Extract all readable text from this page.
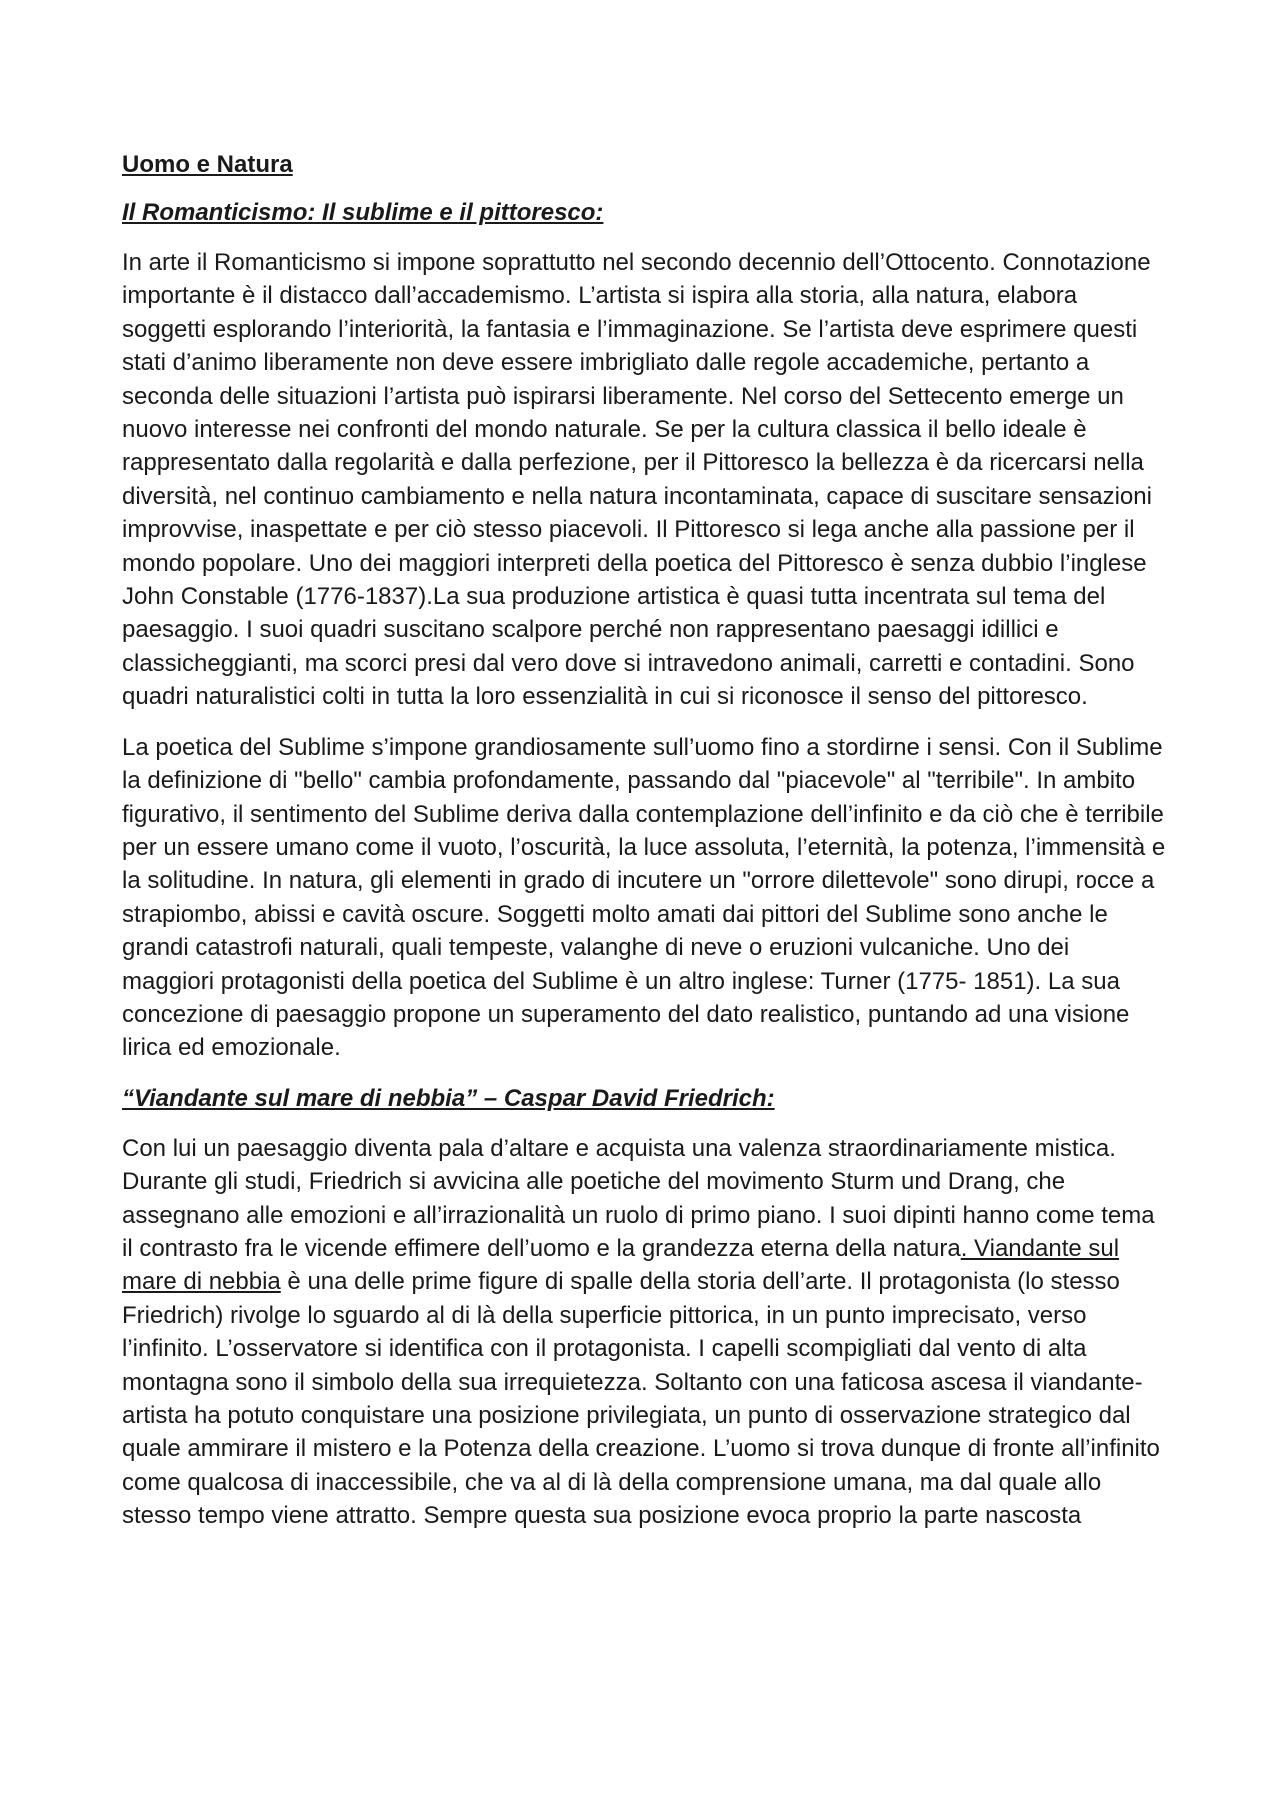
Uomo e Natura
Il Romanticismo: Il sublime e il pittoresco:

In arte il Romanticismo si impone soprattutto nel secondo decennio dell’Ottocento. Connotazione importante è il distacco dall’accademismo. L’artista si ispira alla storia, alla natura, elabora soggetti esplorando l’interiorità, la fantasia e l’immaginazione. Se l’artista deve esprimere questi stati d’animo liberamente non deve essere imbrigliato dalle regole accademiche, pertanto a seconda delle situazioni l’artista può ispirarsi liberamente. Nel corso del Settecento emerge un nuovo interesse nei confronti del mondo naturale. Se per la cultura classica il bello ideale è rappresentato dalla regolarità e dalla perfezione, per il Pittoresco la bellezza è da ricercarsi nella diversità, nel continuo cambiamento e nella natura incontaminata, capace di suscitare sensazioni improvvise, inaspettate e per ciò stesso piacevoli. Il Pittoresco si lega anche alla passione per il mondo popolare. Uno dei maggiori interpreti della poetica del Pittoresco è senza dubbio l’inglese John Constable (1776-1837).La sua produzione artistica è quasi tutta incentrata sul tema del paesaggio. I suoi quadri suscitano scalpore perché non rappresentano paesaggi idillici e classicheggianti, ma scorci presi dal vero dove si intravedono animali, carretti e contadini. Sono quadri naturalistici colti in tutta la loro essenzialità in cui si riconosce il senso del pittoresco.

La poetica del Sublime s’impone grandiosamente sull’uomo fino a stordirne i sensi. Con il Sublime la definizione di "bello" cambia profondamente, passando dal "piacevole" al "terribile". In ambito figurativo, il sentimento del Sublime deriva dalla contemplazione dell’infinito e da ciò che è terribile per un essere umano come il vuoto, l’oscurità, la luce assoluta, l’eternità, la potenza, l’immensità e la solitudine. In natura, gli elementi in grado di incutere un "orrore dilettevole" sono dirupi, rocce a strapiombo, abissi e cavità oscure. Soggetti molto amati dai pittori del Sublime sono anche le grandi catastrofi naturali, quali tempeste, valanghe di neve o eruzioni vulcaniche. Uno dei maggiori protagonisti della poetica del Sublime è un altro inglese: Turner (1775- 1851). La sua concezione di paesaggio propone un superamento del dato realistico, puntando ad una visione lirica ed emozionale.

“Viandante sul mare di nebbia” – Caspar David Friedrich:

Con lui un paesaggio diventa pala d’altare e acquista una valenza straordinariamente mistica. Durante gli studi, Friedrich si avvicina alle poetiche del movimento Sturm und Drang, che assegnano alle emozioni e all’irrazionalità un ruolo di primo piano. I suoi dipinti hanno come tema il contrasto fra le vicende effimere dell’uomo e la grandezza eterna della natura. Viandante sul mare di nebbia è una delle prime figure di spalle della storia dell’arte. Il protagonista (lo stesso Friedrich) rivolge lo sguardo al di là della superficie pittorica, in un punto imprecisato, verso l’infinito. L’osservatore si identifica con il protagonista. I capelli scompigliati dal vento di alta montagna sono il simbolo della sua irrequietezza. Soltanto con una faticosa ascesa il viandante-artista ha potuto conquistare una posizione privilegiata, un punto di osservazione strategico dal quale ammirare il mistero e la Potenza della creazione. L’uomo si trova dunque di fronte all’infinito come qualcosa di inaccessibile, che va al di là della comprensione umana, ma dal quale allo stesso tempo viene attratto. Sempre questa sua posizione evoca proprio la parte nascosta
